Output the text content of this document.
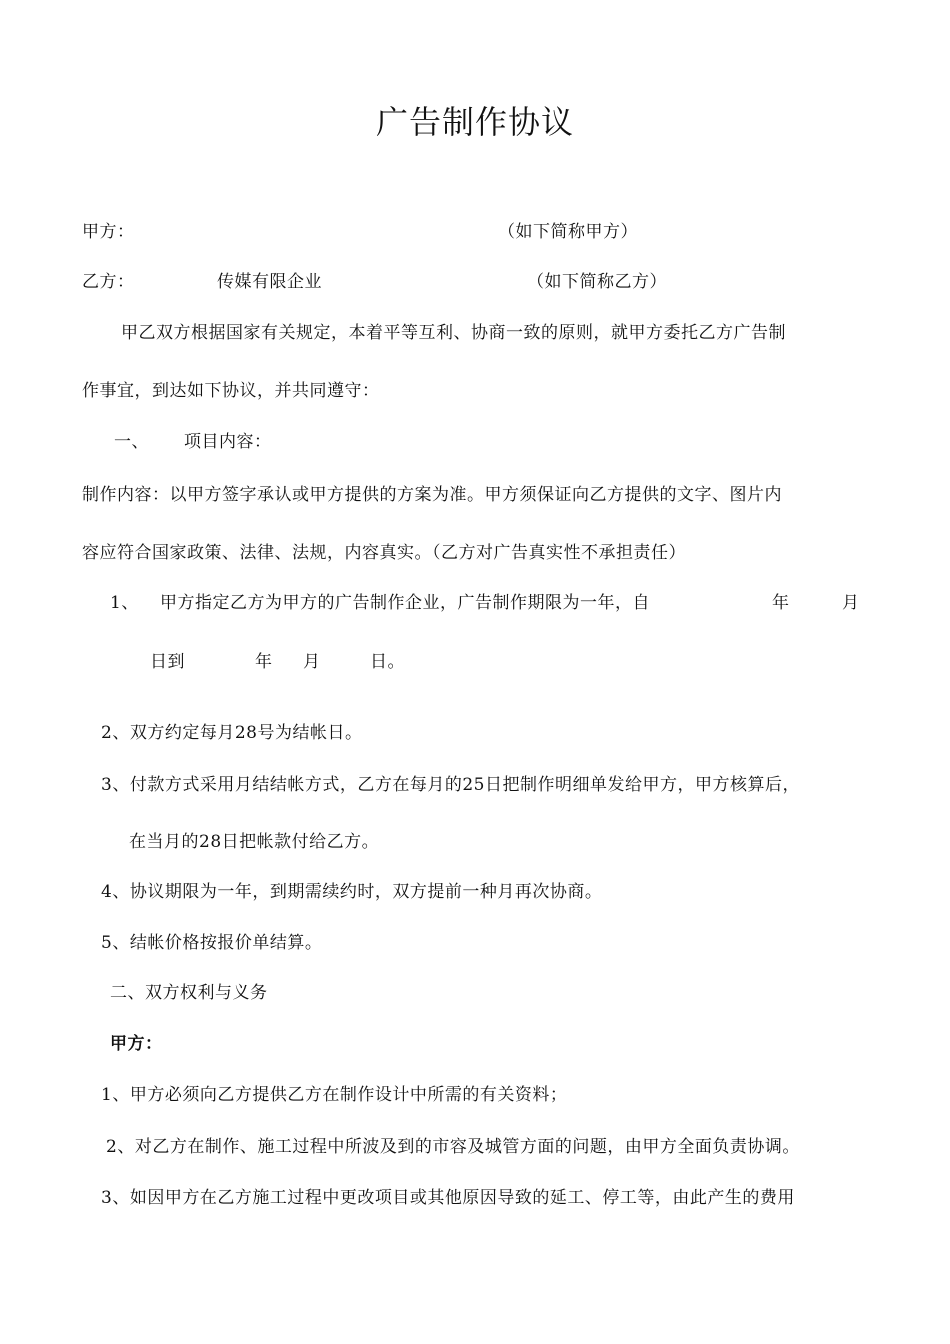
广告制作协议
甲方：	（如下简称甲方）
乙方：	传媒有限企业	（如下简称乙方）
甲乙双方根据国家有关规定，本着平等互利、协商一致的原则，就甲方委托乙方广告制
作事宜，到达如下协议，并共同遵守：
一、 项目内容：
制作内容：以甲方签字承认或甲方提供的方案为准。甲方须保证向乙方提供的文字、图片内
容应符合国家政策、法律、法规，内容真实。（乙方对广告真实性不承担责任）
1、 甲方指定乙方为甲方的广告制作企业，广告制作期限为一年，自	年	月
日到	年 月	日。
2、双方约定每月28号为结帐日。
3、付款方式采用月结结帐方式，乙方在每月的25日把制作明细单发给甲方，甲方核算后，
在当月的28日把帐款付给乙方。
4、协议期限为一年，到期需续约时，双方提前一种月再次协商。
5、结帐价格按报价单结算。
二、双方权利与义务
甲方：
1、甲方必须向乙方提供乙方在制作设计中所需的有关资料；
2、对乙方在制作、施工过程中所波及到的市容及城管方面的问题，由甲方全面负责协调。
3、如因甲方在乙方施工过程中更改项目或其他原因导致的延工、停工等，由此产生的费用
